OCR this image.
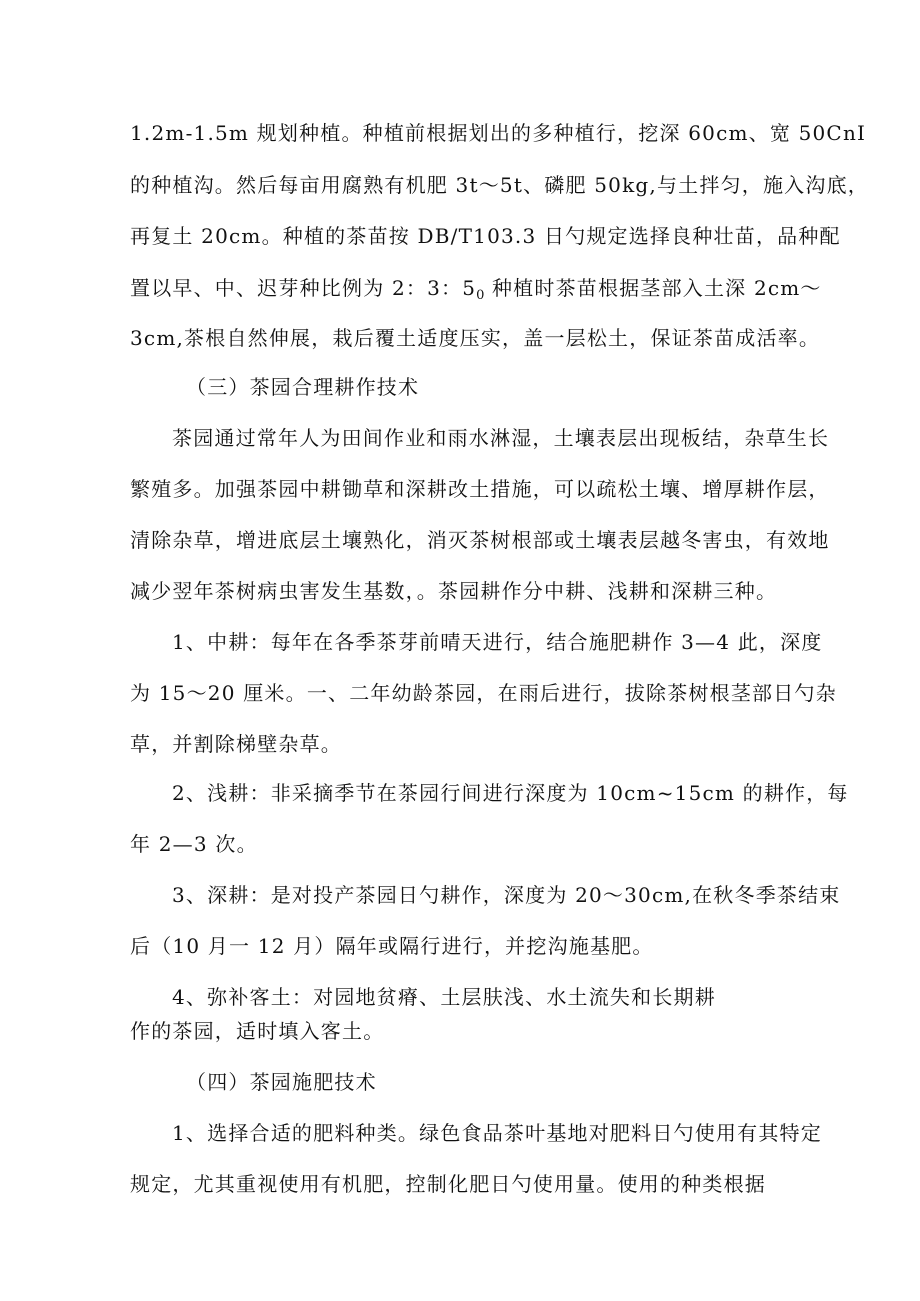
1.2m-1.5m 规划种植。种植前根据划出的多种植行，挖深 60cm、宽 50CnI
的种植沟。然后每亩用腐熟有机肥 3t～5t、磷肥 50kg,与土拌匀，施入沟底，
再复土 20cm。种植的茶苗按 DB/T103.3 日勺规定选择良种壮苗，品种配
置以早、中、迟芽种比例为 2：3：$5_0$ 种植时茶苗根据茎部入土深 2cm～
3cm,茶根自然伸展，栽后覆土适度压实，盖一层松土，保证茶苗成活率。
（三）茶园合理耕作技术
茶园通过常年人为田间作业和雨水淋湿，土壤表层出现板结，杂草生长
繁殖多。加强茶园中耕锄草和深耕改土措施，可以疏松土壤、增厚耕作层，
清除杂草，增进底层土壤熟化，消灭茶树根部或土壤表层越冬害虫，有效地
减少翌年茶树病虫害发生基数，。茶园耕作分中耕、浅耕和深耕三种。
1、中耕：每年在各季茶芽前晴天进行，结合施肥耕作 3—4 此，深度
为 15～20 厘米。一、二年幼龄茶园，在雨后进行，拔除茶树根茎部日勺杂
草，并割除梯壁杂草。
2、浅耕：非采摘季节在茶园行间进行深度为 10cm~15cm 的耕作，每
年 2—3 次。
3、深耕：是对投产茶园日勺耕作，深度为 20～30cm,在秋冬季茶结束
后（10 月一 12 月）隔年或隔行进行，并挖沟施基肥。
4、弥补客土：对园地贫瘠、土层肤浅、水土流失和长期耕
作的茶园，适时填入客土。
（四）茶园施肥技术
1、选择合适的肥料种类。绿色食品茶叶基地对肥料日勺使用有其特定
规定，尤其重视使用有机肥，控制化肥日勺使用量。使用的种类根据
